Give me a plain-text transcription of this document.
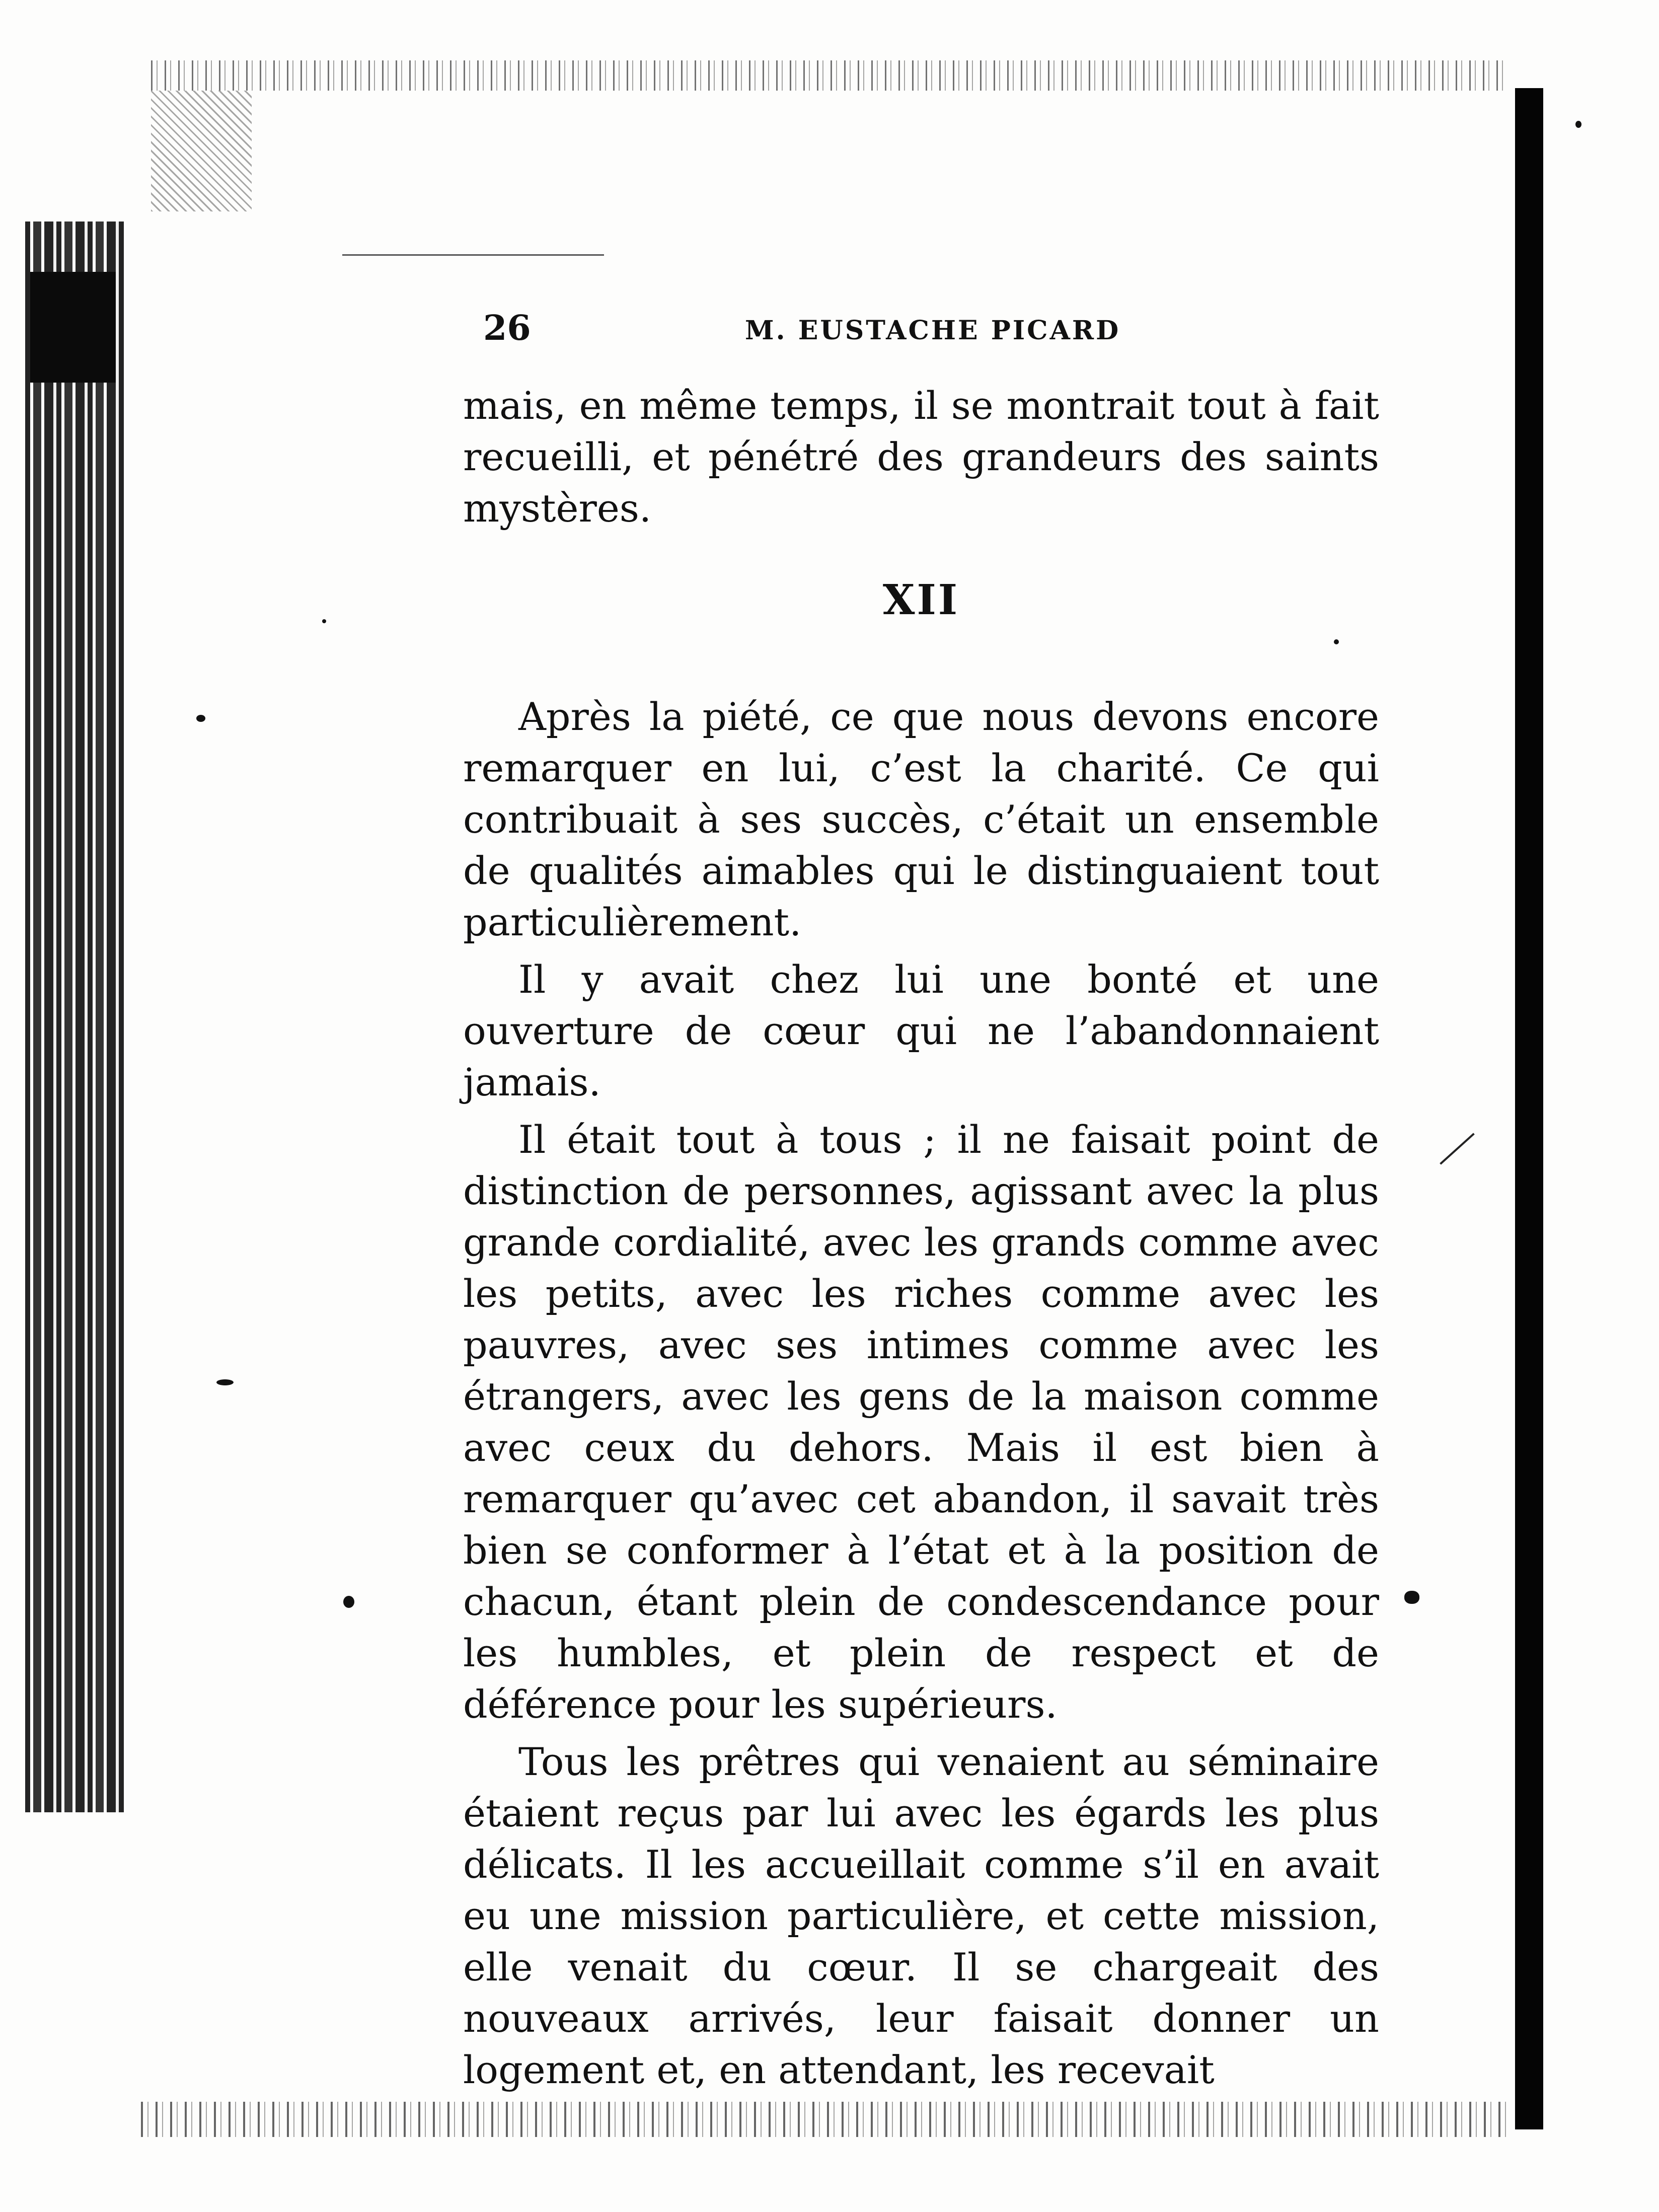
26	M. EUSTACHE PICARD

mais, en même temps, il se montrait tout à fait recueilli, et pénétré des grandeurs des saints mystères.

XII

Après la piété, ce que nous devons encore remarquer en lui, c’est la charité. Ce qui contribuait à ses succès, c’était un ensemble de qualités aimables qui le distinguaient tout particulièrement.

Il y avait chez lui une bonté et une ouverture de cœur qui ne l’abandonnaient jamais.

Il était tout à tous ; il ne faisait point de distinction de personnes, agissant avec la plus grande cordialité, avec les grands comme avec les petits, avec les riches comme avec les pauvres, avec ses intimes comme avec les étrangers, avec les gens de la maison comme avec ceux du dehors. Mais il est bien à remarquer qu’avec cet abandon, il savait très bien se conformer à l’état et à la position de chacun, étant plein de condescendance pour les humbles, et plein de respect et de déférence pour les supérieurs.

Tous les prêtres qui venaient au séminaire étaient reçus par lui avec les égards les plus délicats. Il les accueillait comme s’il en avait eu une mission particulière, et cette mission, elle venait du cœur. Il se chargeait des nouveaux arrivés, leur faisait donner un logement et, en attendant, les recevait
